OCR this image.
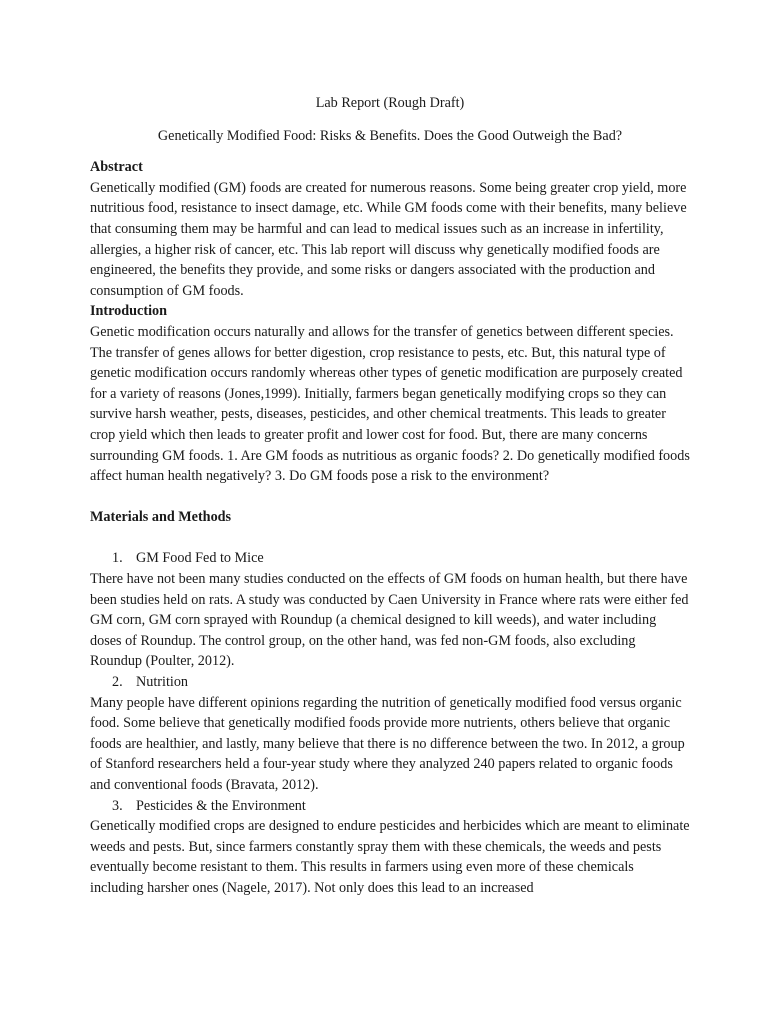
Lab Report (Rough Draft)

Genetically Modified Food: Risks & Benefits. Does the Good Outweigh the Bad?

Abstract

Genetically modified (GM) foods are created for numerous reasons. Some being greater crop yield, more nutritious food, resistance to insect damage, etc. While GM foods come with their benefits, many believe that consuming them may be harmful and can lead to medical issues such as an increase in infertility, allergies, a higher risk of cancer, etc. This lab report will discuss why genetically modified foods are engineered, the benefits they provide, and some risks or dangers associated with the production and consumption of GM foods.

Introduction

Genetic modification occurs naturally and allows for the transfer of genetics between different species. The transfer of genes allows for better digestion, crop resistance to pests, etc. But, this natural type of genetic modification occurs randomly whereas other types of genetic modification are purposely created for a variety of reasons (Jones,1999). Initially, farmers began genetically modifying crops so they can survive harsh weather, pests, diseases, pesticides, and other chemical treatments. This leads to greater crop yield which then leads to greater profit and lower cost for food. But, there are many concerns surrounding GM foods. 1. Are GM foods as nutritious as organic foods? 2. Do genetically modified foods affect human health negatively? 3. Do GM foods pose a risk to the environment?

Materials and Methods
1. GM Food Fed to Mice

There have not been many studies conducted on the effects of GM foods on human health, but there have been studies held on rats. A study was conducted by Caen University in France where rats were either fed GM corn, GM corn sprayed with Roundup (a chemical designed to kill weeds), and water including doses of Roundup. The control group, on the other hand, was fed non-GM foods, also excluding Roundup (Poulter, 2012).

2. Nutrition

Many people have different opinions regarding the nutrition of genetically modified food versus organic food. Some believe that genetically modified foods provide more nutrients, others believe that organic foods are healthier, and lastly, many believe that there is no difference between the two. In 2012, a group of Stanford researchers held a four-year study where they analyzed 240 papers related to organic foods and conventional foods (Bravata, 2012).

3. Pesticides & the Environment

Genetically modified crops are designed to endure pesticides and herbicides which are meant to eliminate weeds and pests. But, since farmers constantly spray them with these chemicals, the weeds and pests eventually become resistant to them. This results in farmers using even more of these chemicals including harsher ones (Nagele, 2017). Not only does this lead to an increased
